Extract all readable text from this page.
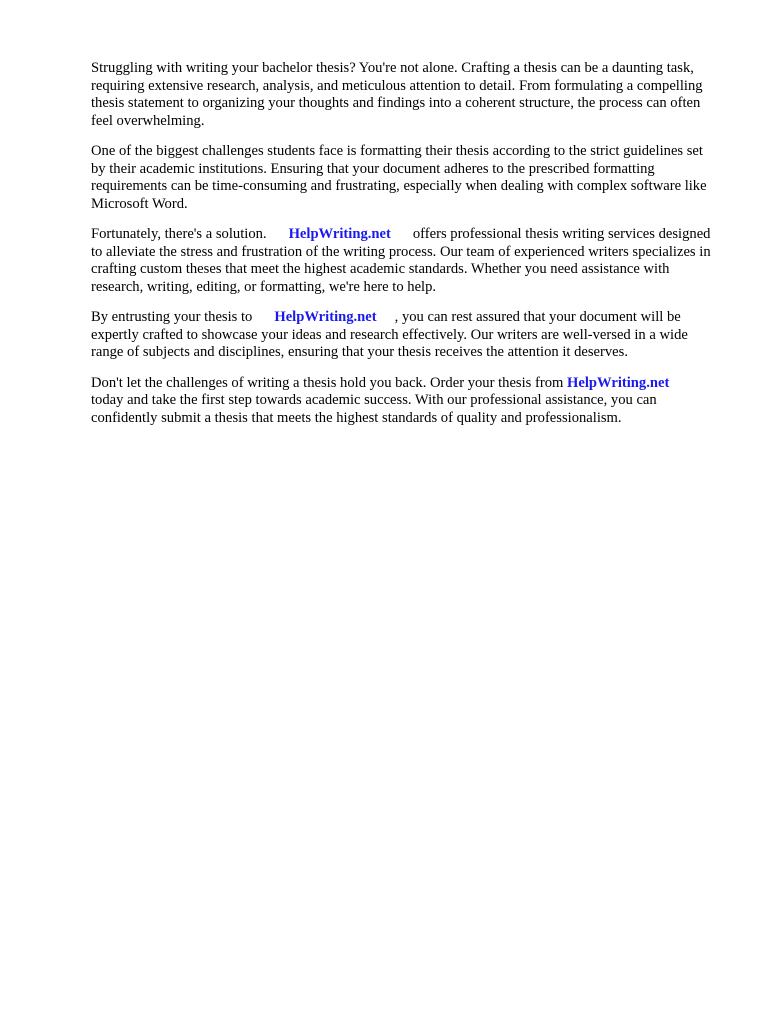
Struggling with writing your bachelor thesis? You're not alone. Crafting a thesis can be a daunting task, requiring extensive research, analysis, and meticulous attention to detail. From formulating a compelling thesis statement to organizing your thoughts and findings into a coherent structure, the process can often feel overwhelming.

One of the biggest challenges students face is formatting their thesis according to the strict guidelines set by their academic institutions. Ensuring that your document adheres to the prescribed formatting requirements can be time-consuming and frustrating, especially when dealing with complex software like Microsoft Word.

Fortunately, there's a solution. HelpWriting.net offers professional thesis writing services designed to alleviate the stress and frustration of the writing process. Our team of experienced writers specializes in crafting custom theses that meet the highest academic standards. Whether you need assistance with research, writing, editing, or formatting, we're here to help.

By entrusting your thesis to HelpWriting.net , you can rest assured that your document will be expertly crafted to showcase your ideas and research effectively. Our writers are well-versed in a wide range of subjects and disciplines, ensuring that your thesis receives the attention it deserves.

Don't let the challenges of writing a thesis hold you back. Order your thesis from HelpWriting.nettoday and take the first step towards academic success. With our professional assistance, you can confidently submit a thesis that meets the highest standards of quality and professionalism.
